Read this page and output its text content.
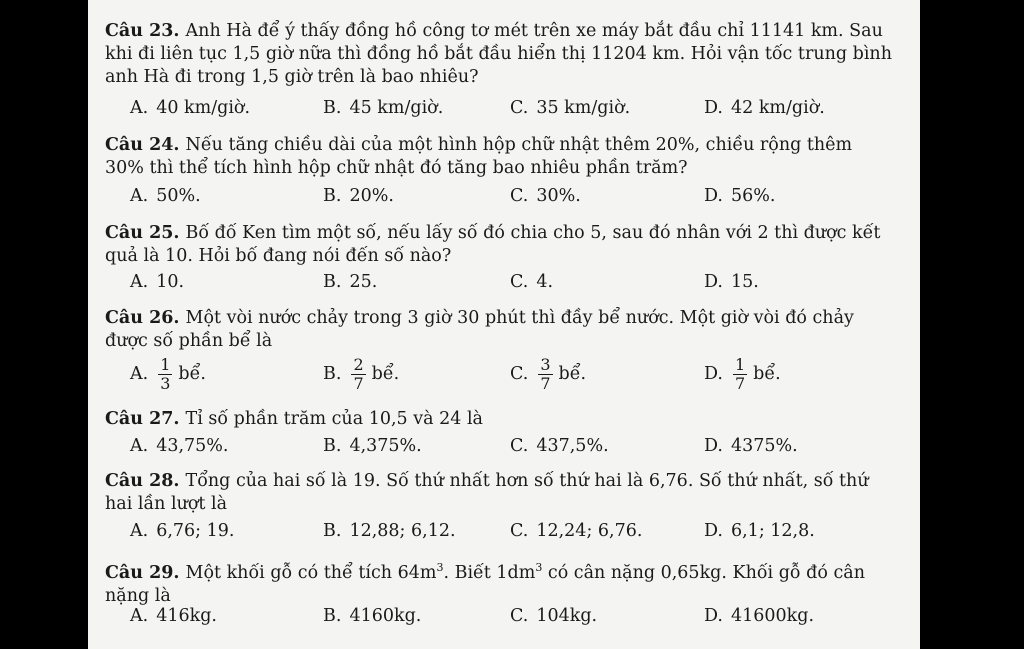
Câu 23. Anh Hà để ý thấy đồng hồ công tơ mét trên xe máy bắt đầu chỉ 11141 km. Sau khi đi liên tục 1,5 giờ nữa thì đồng hồ bắt đầu hiển thị 11204 km. Hỏi vận tốc trung bình anh Hà đi trong 1,5 giờ trên là bao nhiêu?
A. 40 km/giờ.	B. 45 km/giờ.	C. 35 km/giờ.	D. 42 km/giờ.
Câu 24. Nếu tăng chiều dài của một hình hộp chữ nhật thêm 20%, chiều rộng thêm 30% thì thể tích hình hộp chữ nhật đó tăng bao nhiêu phần trăm?
A. 50%.	B. 20%.	C. 30%.	D. 56%.
Câu 25. Bố đố Ken tìm một số, nếu lấy số đó chia cho 5, sau đó nhân với 2 thì được kết quả là 10. Hỏi bố đang nói đến số nào?
A. 10.	B. 25.	C. 4.	D. 15.
Câu 26. Một vòi nước chảy trong 3 giờ 30 phút thì đầy bể nước. Một giờ vòi đó chảy được số phần bể là
A. $\frac{1}{3}$ bể.	B. $\frac{2}{7}$ bể.	C. $\frac{3}{7}$ bể.	D. $\frac{1}{7}$ bể.
Câu 27. Tỉ số phần trăm của 10,5 và 24 là
A. 43,75%.	B. 4,375%.	C. 437,5%.	D. 4375%.
Câu 28. Tổng của hai số là 19. Số thứ nhất hơn số thứ hai là 6,76. Số thứ nhất, số thứ hai lần lượt là
A. 6,76; 19.	B. 12,88; 6,12.	C. 12,24; 6,76.	D. 6,1; 12,8.
Câu 29. Một khối gỗ có thể tích $64m^3$. Biết $1dm^3$ có cân nặng 0,65kg. Khối gỗ đó cân nặng là
A. 416kg.	B. 4160kg.	C. 104kg.	D. 41600kg.
